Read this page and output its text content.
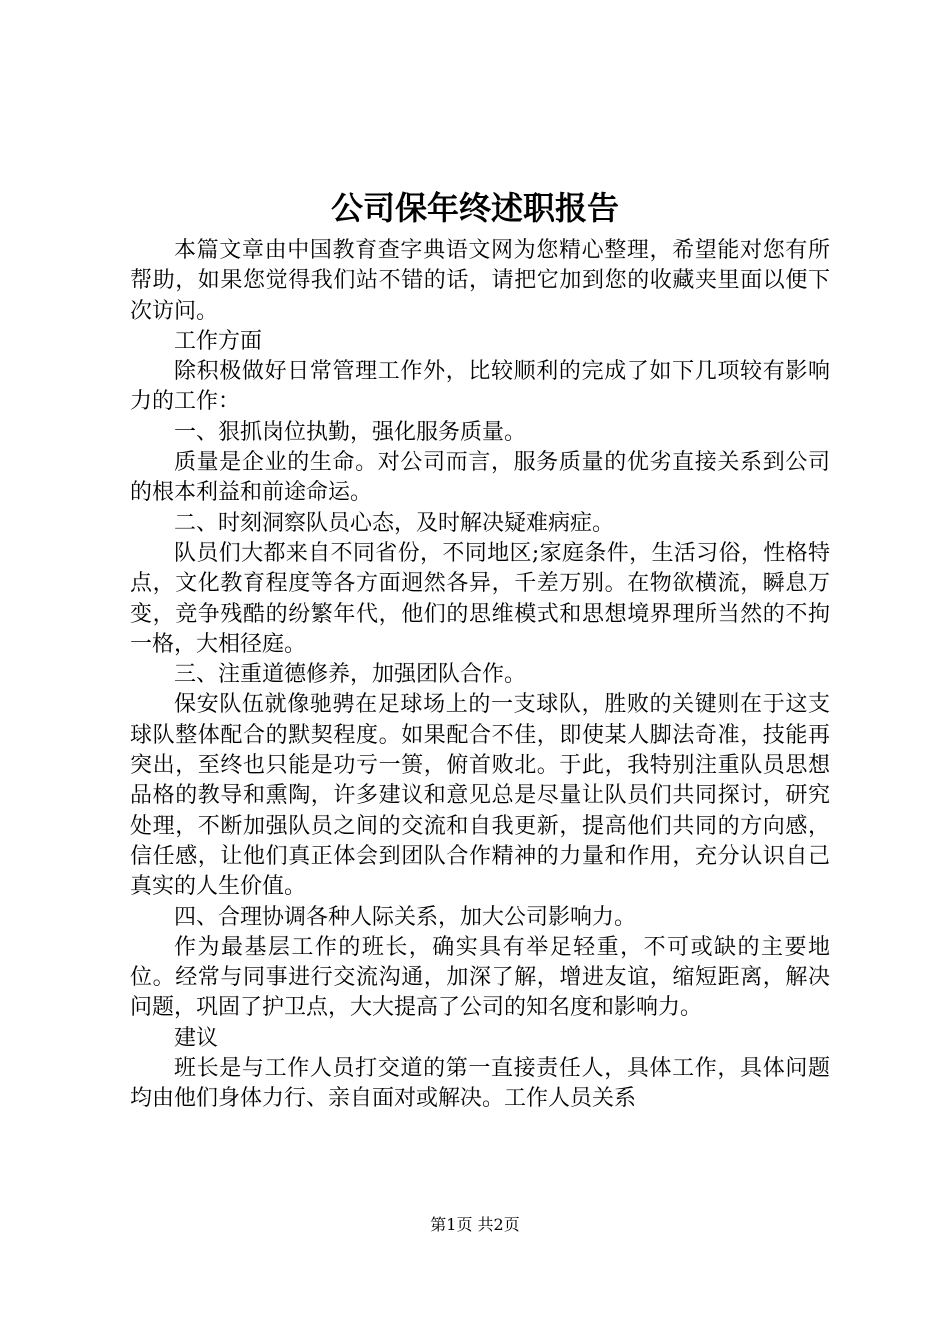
公司保年终述职报告

本篇文章由中国教育查字典语文网为您精心整理，希望能对您有所帮助，如果您觉得我们站不错的话，请把它加到您的收藏夹里面以便下次访问。

工作方面

除积极做好日常管理工作外，比较顺利的完成了如下几项较有影响力的工作：

一、狠抓岗位执勤，强化服务质量。

质量是企业的生命。对公司而言，服务质量的优劣直接关系到公司的根本利益和前途命运。

二、时刻洞察队员心态，及时解决疑难病症。

队员们大都来自不同省份，不同地区;家庭条件，生活习俗，性格特点，文化教育程度等各方面迥然各异，千差万别。在物欲横流，瞬息万变，竞争残酷的纷繁年代，他们的思维模式和思想境界理所当然的不拘一格，大相径庭。

三、注重道德修养，加强团队合作。

保安队伍就像驰骋在足球场上的一支球队，胜败的关键则在于这支球队整体配合的默契程度。如果配合不佳，即使某人脚法奇准，技能再突出，至终也只能是功亏一篑，俯首败北。于此，我特别注重队员思想品格的教导和熏陶，许多建议和意见总是尽量让队员们共同探讨，研究处理，不断加强队员之间的交流和自我更新，提高他们共同的方向感，信任感，让他们真正体会到团队合作精神的力量和作用，充分认识自己真实的人生价值。

四、合理协调各种人际关系，加大公司影响力。

作为最基层工作的班长，确实具有举足轻重，不可或缺的主要地位。经常与同事进行交流沟通，加深了解，增进友谊，缩短距离，解决问题，巩固了护卫点，大大提高了公司的知名度和影响力。

建议

班长是与工作人员打交道的第一直接责任人，具体工作，具体问题均由他们身体力行、亲自面对或解决。工作人员关系

第1页 共2页
